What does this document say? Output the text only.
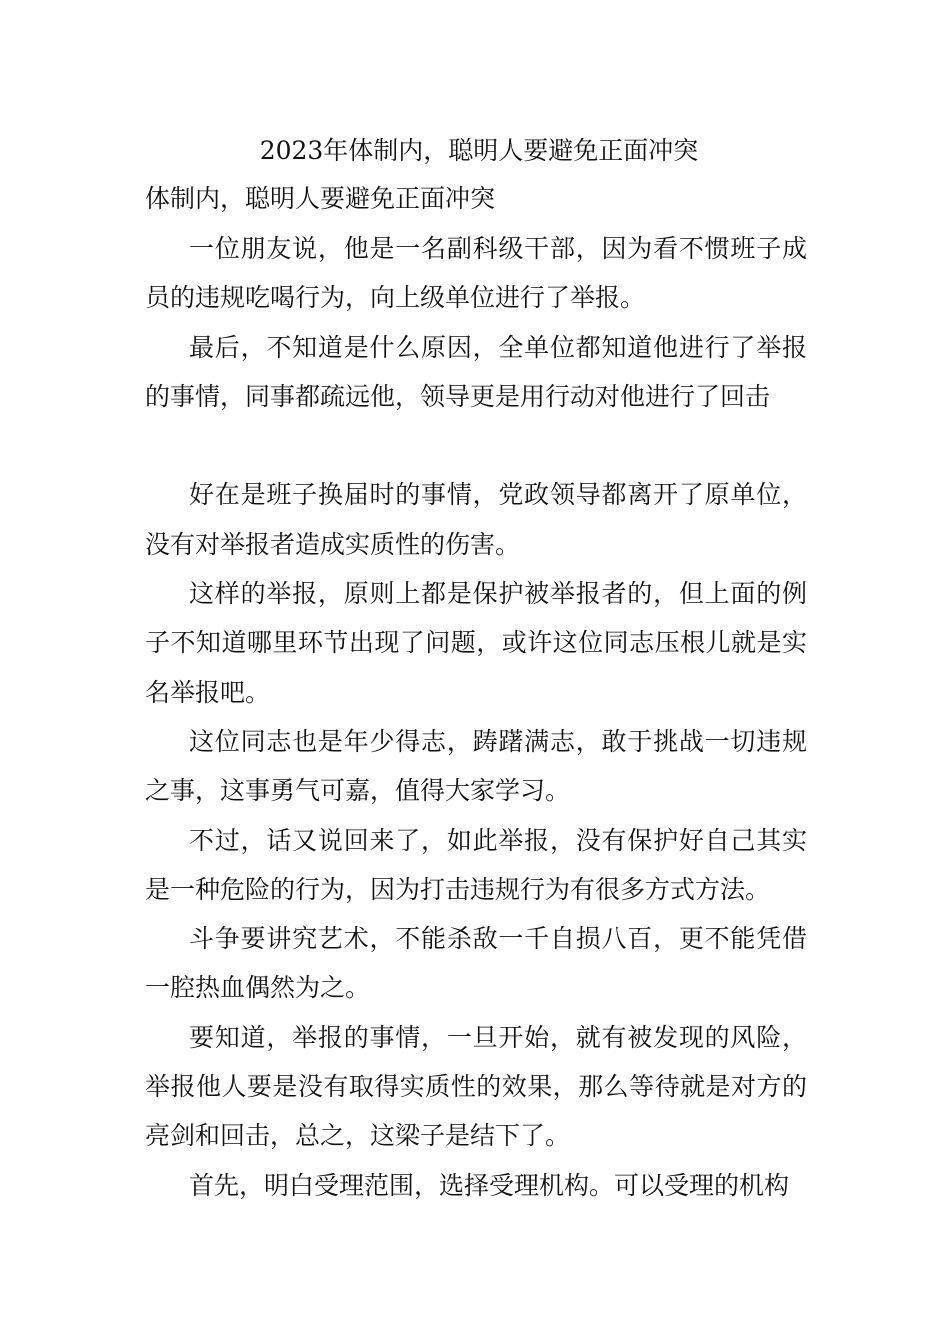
2023年体制内，聪明人要避免正面冲突

体制内，聪明人要避免正面冲突

一位朋友说，他是一名副科级干部，因为看不惯班子成员的违规吃喝行为，向上级单位进行了举报。

最后，不知道是什么原因，全单位都知道他进行了举报的事情，同事都疏远他，领导更是用行动对他进行了回击

好在是班子换届时的事情，党政领导都离开了原单位，没有对举报者造成实质性的伤害。

这样的举报，原则上都是保护被举报者的，但上面的例子不知道哪里环节出现了问题，或许这位同志压根儿就是实名举报吧。

这位同志也是年少得志，踌躇满志，敢于挑战一切违规之事，这事勇气可嘉，值得大家学习。

不过，话又说回来了，如此举报，没有保护好自己其实是一种危险的行为，因为打击违规行为有很多方式方法。

斗争要讲究艺术，不能杀敌一千自损八百，更不能凭借一腔热血偶然为之。

要知道，举报的事情，一旦开始，就有被发现的风险，举报他人要是没有取得实质性的效果，那么等待就是对方的亮剑和回击，总之，这梁子是结下了。

首先，明白受理范围，选择受理机构。可以受理的机构
